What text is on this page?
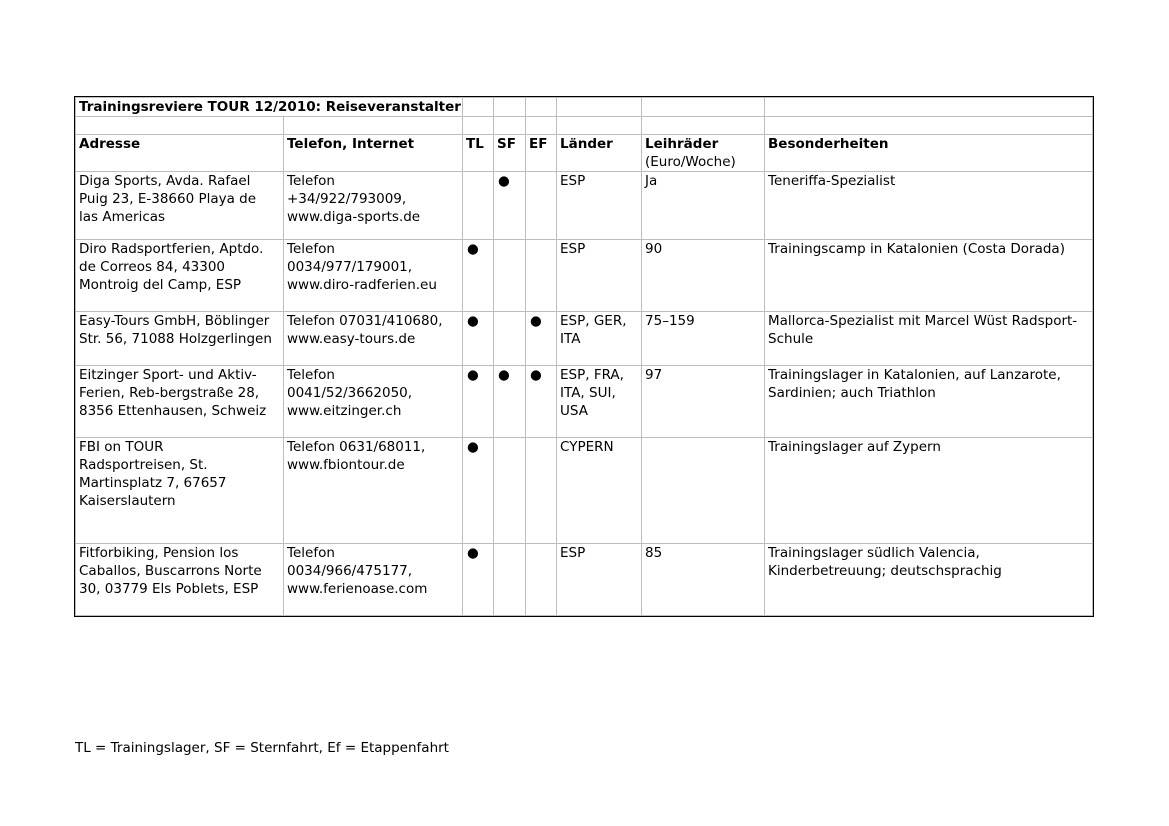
Trainingsreviere TOUR 12/2010: Reiseveranstalter							

Adresse	Telefon, Internet	TL	SF	EF	Länder	Leihräder
(Euro/Woche)	Besonderheiten
Diga Sports, Avda. Rafael
Puig 23, E-38660 Playa de
las Americas	Telefon
+34/922/793009,
www.diga-sports.de		●		ESP	Ja	Teneriffa-Spezialist
Diro Radsportferien, Aptdo.
de Correos 84, 43300
Montroig del Camp, ESP	Telefon
0034/977/179001,
www.diro-radferien.eu	●			ESP	90	Trainingscamp in Katalonien (Costa Dorada)
Easy-Tours GmbH, Böblinger
Str. 56, 71088 Holzgerlingen	Telefon 07031/410680,
www.easy-tours.de	●		●	ESP, GER,
ITA	75–159	Mallorca-Spezialist mit Marcel Wüst Radsport-
Schule
Eitzinger Sport- und Aktiv-
Ferien, Reb-bergstraße 28,
8356 Ettenhausen, Schweiz	Telefon
0041/52/3662050,
www.eitzinger.ch	●	●	●	ESP, FRA,
ITA, SUI,
USA	97	Trainingslager in Katalonien, auf Lanzarote,
Sardinien; auch Triathlon
FBI on TOUR
Radsportreisen, St.
Martinsplatz 7, 67657
Kaiserslautern	Telefon 0631/68011,
www.fbiontour.de	●			CYPERN		Trainingslager auf Zypern
Fitforbiking, Pension los
Caballos, Buscarrons Norte
30, 03779 Els Poblets, ESP	Telefon
0034/966/475177,
www.ferienoase.com	●			ESP	85	Trainingslager südlich Valencia,
Kinderbetreuung; deutschsprachig
TL = Trainingslager, SF = Sternfahrt, Ef = Etappenfahrt
